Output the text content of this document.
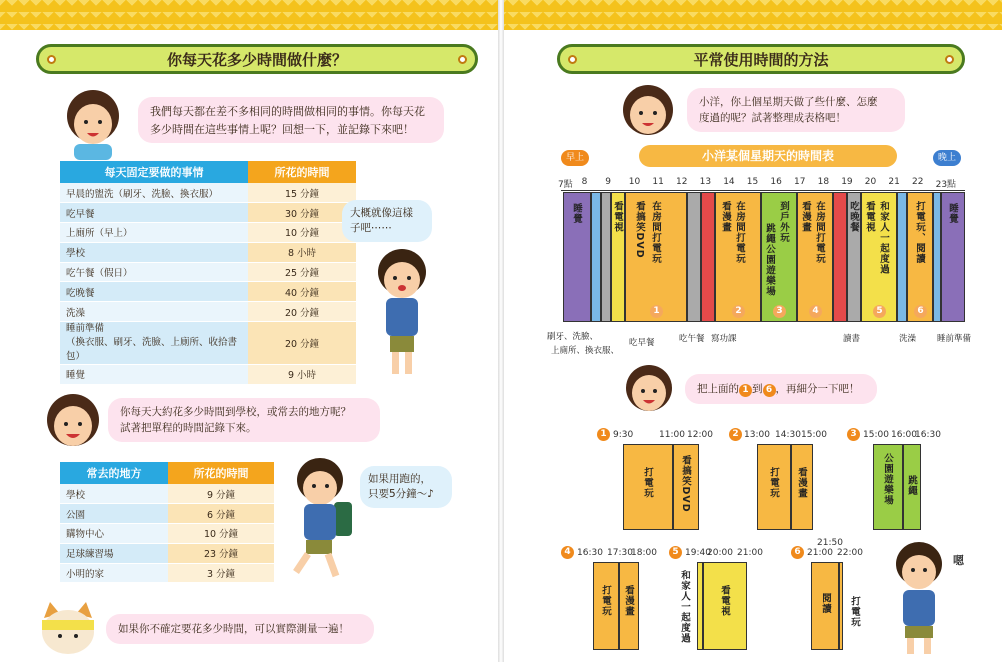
你每天花多少時間做什麼？
我們每天都在差不多相同的時間做相同的事情。你每天花
多少時間在這些事情上呢？回想一下，並記錄下來吧！
每天固定要做的事情	所花的時間
早晨的盥洗（刷牙、洗臉、換衣服）	15 分鐘
吃早餐	30 分鐘
上廁所（早上）	10 分鐘
學校	8 小時
吃午餐（假日）	25 分鐘
吃晚餐	40 分鐘
洗澡	20 分鐘

睡前準備
（換衣服、刷牙、洗臉、上廁所、收拾書包）	20 分鐘
睡覺	9 小時
大概就像這樣
子吧⋯⋯
你每天大約花多少時間到學校，或常去的地方呢？
試著把單程的時間記錄下來。
常去的地方	所花的時間
學校	9 分鐘
公園	6 分鐘
購物中心	10 分鐘
足球練習場	23 分鐘
小明的家	3 分鐘
如果用跑的，
只要5分鐘～♪
如果你不確定要花多少時間，可以實際測量一遍！
平常使用時間的方法
小洋，你上個星期天做了些什麼、怎麼
度過的呢？試著整理成表格吧！
小洋某個星期天的時間表
早上	晚上
7點 8 9 10 11 12 13 14 15 16 17 18 19 20 21 22 23點
睡覺	看電視	在房間打電玩
看搞笑DVD
1
在房間打電玩
看漫畫
2
到戶外玩
跳繩公園遊樂場
3
在房間打電玩
看漫畫
4
吃晚餐 和家人一起度過
看電視
5
打電玩、閱讀
6
睡覺
刷牙、洗臉、
上廁所、換衣服、
吃早餐	吃午餐 寫功課	讀書	洗澡 睡前準備
把上面的 1 到 6 ，再細分一下吧！
1 9:30	11:00 12:00
打電玩	看搞笑DVD
2 13:00 14:30 15:00
打電玩 看漫畫
3 15:00 16:00
16:30
公園遊樂場 跳繩
4 16:30 17:30
18:00
打電玩 看漫畫
5 19:40
20:00 21:00
和家人一起度過	看電視
6 21:00
21:50
22:00
閱讀 打電玩
嗯
